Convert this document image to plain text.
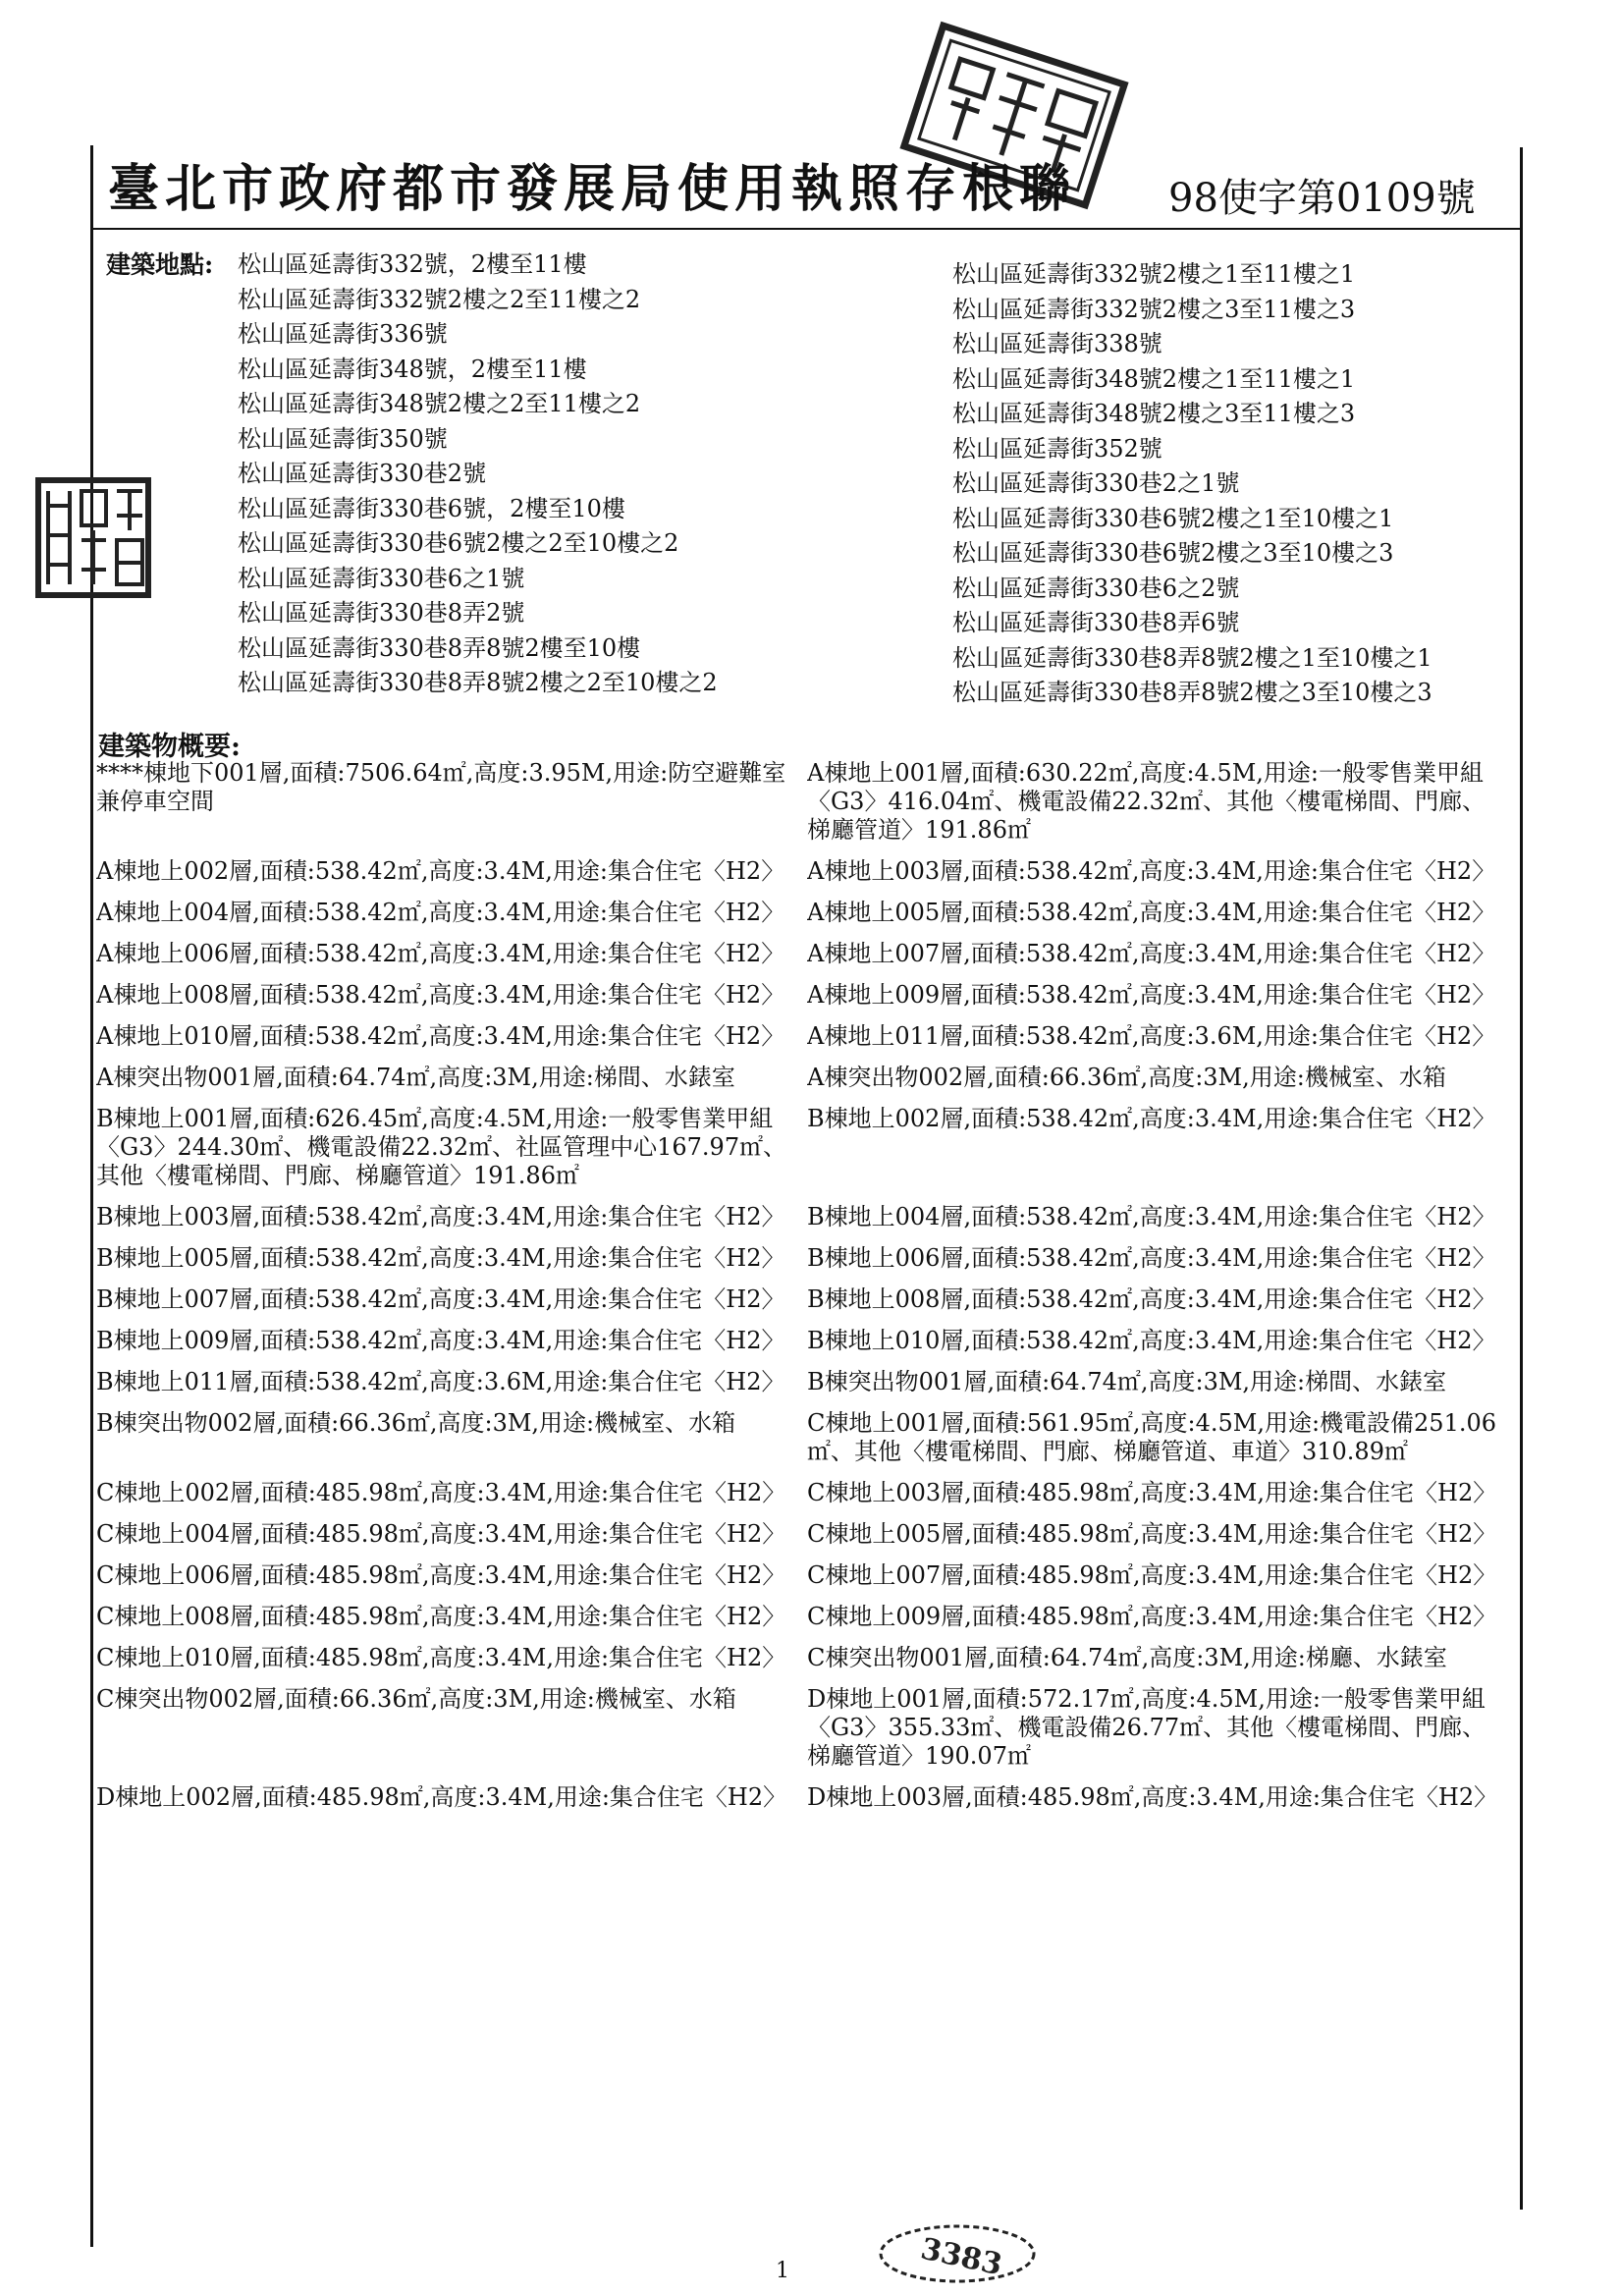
臺北市政府都市發展局使用執照存根聯 98使字第0109號
建築地點: 松山區延壽街332號，2樓至11樓
松山區延壽街332號2樓之2至11樓之2
松山區延壽街336號
松山區延壽街348號，2樓至11樓
松山區延壽街348號2樓之2至11樓之2
松山區延壽街350號
松山區延壽街330巷2號
松山區延壽街330巷6號，2樓至10樓
松山區延壽街330巷6號2樓之2至10樓之2
松山區延壽街330巷6之1號
松山區延壽街330巷8弄2號
松山區延壽街330巷8弄8號2樓至10樓
松山區延壽街330巷8弄8號2樓之2至10樓之2
松山區延壽街332號2樓之1至11樓之1
松山區延壽街332號2樓之3至11樓之3
松山區延壽街338號
松山區延壽街348號2樓之1至11樓之1
松山區延壽街348號2樓之3至11樓之3
松山區延壽街352號
松山區延壽街330巷2之1號
松山區延壽街330巷6號2樓之1至10樓之1
松山區延壽街330巷6號2樓之3至10樓之3
松山區延壽街330巷6之2號
松山區延壽街330巷8弄6號
松山區延壽街330巷8弄8號2樓之1至10樓之1
松山區延壽街330巷8弄8號2樓之3至10樓之3
建築物概要:
****棟地下001層,面積:7506.64㎡,高度:3.95M,用途:防空避難室兼停車空間
A棟地上002層,面積:538.42㎡,高度:3.4M,用途:集合住宅〈H2〉
A棟地上004層,面積:538.42㎡,高度:3.4M,用途:集合住宅〈H2〉
A棟地上006層,面積:538.42㎡,高度:3.4M,用途:集合住宅〈H2〉
A棟地上008層,面積:538.42㎡,高度:3.4M,用途:集合住宅〈H2〉
A棟地上010層,面積:538.42㎡,高度:3.4M,用途:集合住宅〈H2〉
A棟突出物001層,面積:64.74㎡,高度:3M,用途:梯間、水錶室
B棟地上001層,面積:626.45㎡,高度:4.5M,用途:一般零售業甲組〈G3〉244.30㎡、機電設備22.32㎡、社區管理中心167.97㎡、其他〈樓電梯間、門廊、梯廳管道〉191.86㎡
B棟地上003層,面積:538.42㎡,高度:3.4M,用途:集合住宅〈H2〉
B棟地上005層,面積:538.42㎡,高度:3.4M,用途:集合住宅〈H2〉
B棟地上007層,面積:538.42㎡,高度:3.4M,用途:集合住宅〈H2〉
B棟地上009層,面積:538.42㎡,高度:3.4M,用途:集合住宅〈H2〉
B棟地上011層,面積:538.42㎡,高度:3.6M,用途:集合住宅〈H2〉
B棟突出物002層,面積:66.36㎡,高度:3M,用途:機械室、水箱
C棟地上002層,面積:485.98㎡,高度:3.4M,用途:集合住宅〈H2〉
C棟地上004層,面積:485.98㎡,高度:3.4M,用途:集合住宅〈H2〉
C棟地上006層,面積:485.98㎡,高度:3.4M,用途:集合住宅〈H2〉
C棟地上008層,面積:485.98㎡,高度:3.4M,用途:集合住宅〈H2〉
C棟地上010層,面積:485.98㎡,高度:3.4M,用途:集合住宅〈H2〉
C棟突出物002層,面積:66.36㎡,高度:3M,用途:機械室、水箱
D棟地上002層,面積:485.98㎡,高度:3.4M,用途:集合住宅〈H2〉
A棟地上001層,面積:630.22㎡,高度:4.5M,用途:一般零售業甲組〈G3〉416.04㎡、機電設備22.32㎡、其他〈樓電梯間、門廊、梯廳管道〉191.86㎡
A棟地上003層,面積:538.42㎡,高度:3.4M,用途:集合住宅〈H2〉
A棟地上005層,面積:538.42㎡,高度:3.4M,用途:集合住宅〈H2〉
A棟地上007層,面積:538.42㎡,高度:3.4M,用途:集合住宅〈H2〉
A棟地上009層,面積:538.42㎡,高度:3.4M,用途:集合住宅〈H2〉
A棟地上011層,面積:538.42㎡,高度:3.6M,用途:集合住宅〈H2〉
A棟突出物002層,面積:66.36㎡,高度:3M,用途:機械室、水箱
B棟地上002層,面積:538.42㎡,高度:3.4M,用途:集合住宅〈H2〉
B棟地上004層,面積:538.42㎡,高度:3.4M,用途:集合住宅〈H2〉
B棟地上006層,面積:538.42㎡,高度:3.4M,用途:集合住宅〈H2〉
B棟地上008層,面積:538.42㎡,高度:3.4M,用途:集合住宅〈H2〉
B棟地上010層,面積:538.42㎡,高度:3.4M,用途:集合住宅〈H2〉
B棟突出物001層,面積:64.74㎡,高度:3M,用途:梯間、水錶室
C棟地上001層,面積:561.95㎡,高度:4.5M,用途:機電設備251.06㎡、其他〈樓電梯間、門廊、梯廳管道、車道〉310.89㎡
C棟地上003層,面積:485.98㎡,高度:3.4M,用途:集合住宅〈H2〉
C棟地上005層,面積:485.98㎡,高度:3.4M,用途:集合住宅〈H2〉
C棟地上007層,面積:485.98㎡,高度:3.4M,用途:集合住宅〈H2〉
C棟地上009層,面積:485.98㎡,高度:3.4M,用途:集合住宅〈H2〉
C棟突出物001層,面積:64.74㎡,高度:3M,用途:梯廳、水錶室
D棟地上001層,面積:572.17㎡,高度:4.5M,用途:一般零售業甲組〈G3〉355.33㎡、機電設備26.77㎡、其他〈樓電梯間、門廊、梯廳管道〉190.07㎡
D棟地上003層,面積:485.98㎡,高度:3.4M,用途:集合住宅〈H2〉
3383
1
